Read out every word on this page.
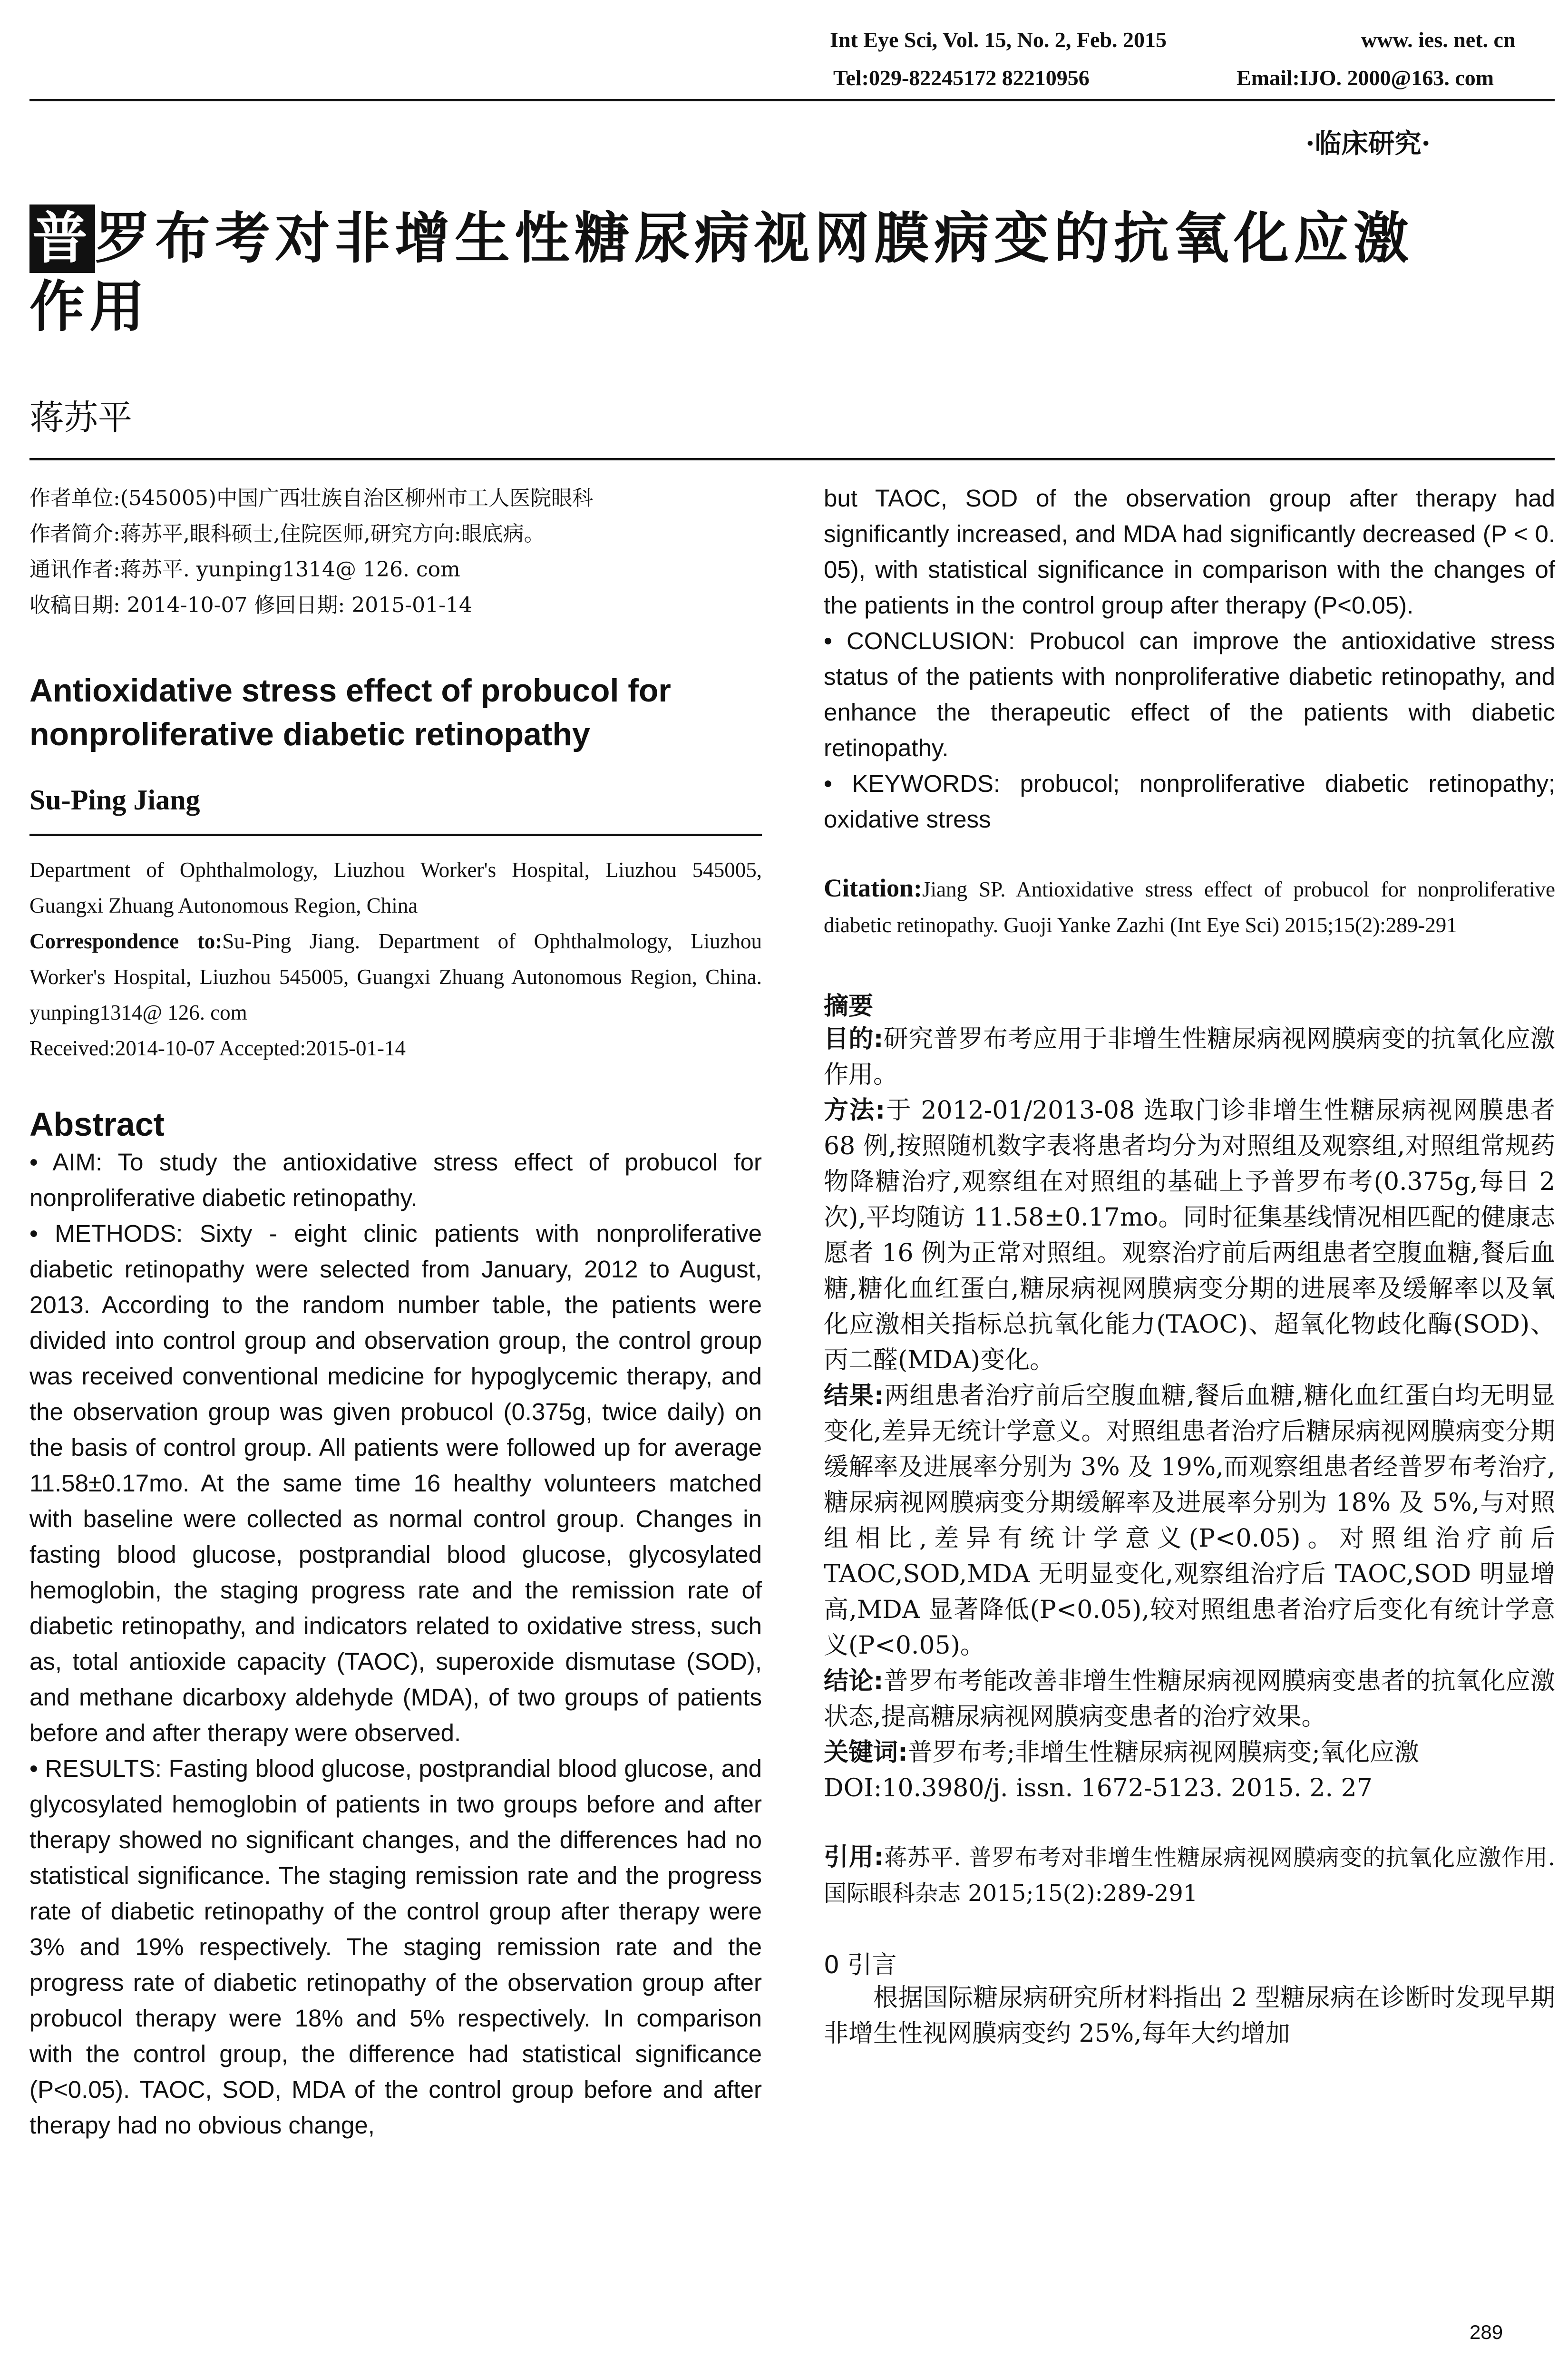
Int Eye Sci, Vol. 15, No. 2, Feb. 2015	www. ies. net. cn
Tel:029-82245172 82210956	Email:IJO. 2000@163. com
·临床研究·
普罗布考对非增生性糖尿病视网膜病变的抗氧化应激
作用
蒋苏平

作者单位:(545005)中国广西壮族自治区柳州市工人医院眼科

作者简介:蒋苏平,眼科硕士,住院医师,研究方向:眼底病。

通讯作者:蒋苏平. yunping1314@ 126. com

收稿日期: 2014-10-07 修回日期: 2015-01-14

Antioxidative stress effect of probucol for nonproliferative diabetic retinopathy
Su-Ping Jiang
Department of Ophthalmology, Liuzhou Worker's Hospital, Liuzhou 545005, Guangxi Zhuang Autonomous Region, China
Correspondence to:Su-Ping Jiang. Department of Ophthalmology, Liuzhou Worker's Hospital, Liuzhou 545005, Guangxi Zhuang Autonomous Region, China. yunping1314@ 126. com
Received:2014-10-07 Accepted:2015-01-14
Abstract

• AIM: To study the antioxidative stress effect of probucol for nonproliferative diabetic retinopathy.

• METHODS: Sixty - eight clinic patients with nonproliferative diabetic retinopathy were selected from January, 2012 to August, 2013. According to the random number table, the patients were divided into control group and observation group, the control group was received conventional medicine for hypoglycemic therapy, and the observation group was given probucol (0.375g, twice daily) on the basis of control group. All patients were followed up for average 11.58±0.17mo. At the same time 16 healthy volunteers matched with baseline were collected as normal control group. Changes in fasting blood glucose, postprandial blood glucose, glycosylated hemoglobin, the staging progress rate and the remission rate of diabetic retinopathy, and indicators related to oxidative stress, such as, total antioxide capacity (TAOC), superoxide dismutase (SOD), and methane dicarboxy aldehyde (MDA), of two groups of patients before and after therapy were observed.

• RESULTS: Fasting blood glucose, postprandial blood glucose, and glycosylated hemoglobin of patients in two groups before and after therapy showed no significant changes, and the differences had no statistical significance. The staging remission rate and the progress rate of diabetic retinopathy of the control group after therapy were 3% and 19% respectively. The staging remission rate and the progress rate of diabetic retinopathy of the observation group after probucol therapy were 18% and 5% respectively. In comparison with the control group, the difference had statistical significance (P<0.05). TAOC, SOD, MDA of the control group before and after therapy had no obvious change,

but TAOC, SOD of the observation group after therapy had significantly increased, and MDA had significantly decreased (P < 0. 05), with statistical significance in comparison with the changes of the patients in the control group after therapy (P<0.05).

• CONCLUSION: Probucol can improve the antioxidative stress status of the patients with nonproliferative diabetic retinopathy, and enhance the therapeutic effect of the patients with diabetic retinopathy.

• KEYWORDS: probucol; nonproliferative diabetic retinopathy; oxidative stress

Citation:Jiang SP. Antioxidative stress effect of probucol for nonproliferative diabetic retinopathy. Guoji Yanke Zazhi (Int Eye Sci) 2015;15(2):289-291
摘要

目的:研究普罗布考应用于非增生性糖尿病视网膜病变的抗氧化应激作用。

方法:于 2012-01/2013-08 选取门诊非增生性糖尿病视网膜患者 68 例,按照随机数字表将患者均分为对照组及观察组,对照组常规药物降糖治疗,观察组在对照组的基础上予普罗布考(0.375g,每日 2 次),平均随访 11.58±0.17mo。同时征集基线情况相匹配的健康志愿者 16 例为正常对照组。观察治疗前后两组患者空腹血糖,餐后血糖,糖化血红蛋白,糖尿病视网膜病变分期的进展率及缓解率以及氧化应激相关指标总抗氧化能力(TAOC)、超氧化物歧化酶(SOD)、丙二醛(MDA)变化。

结果:两组患者治疗前后空腹血糖,餐后血糖,糖化血红蛋白均无明显变化,差异无统计学意义。对照组患者治疗后糖尿病视网膜病变分期缓解率及进展率分别为 3% 及 19%,而观察组患者经普罗布考治疗,糖尿病视网膜病变分期缓解率及进展率分别为 18% 及 5%,与对照组相比,差异有统计学意义(P<0.05)。对照组治疗前后 TAOC,SOD,MDA 无明显变化,观察组治疗后 TAOC,SOD 明显增高,MDA 显著降低(P<0.05),较对照组患者治疗后变化有统计学意义(P<0.05)。

结论:普罗布考能改善非增生性糖尿病视网膜病变患者的抗氧化应激状态,提高糖尿病视网膜病变患者的治疗效果。

关键词:普罗布考;非增生性糖尿病视网膜病变;氧化应激

DOI:10.3980/j. issn. 1672-5123. 2015. 2. 27

引用:蒋苏平. 普罗布考对非增生性糖尿病视网膜病变的抗氧化应激作用. 国际眼科杂志 2015;15(2):289-291
0 引言
根据国际糖尿病研究所材料指出 2 型糖尿病在诊断时发现早期非增生性视网膜病变约 25%,每年大约增加
289
